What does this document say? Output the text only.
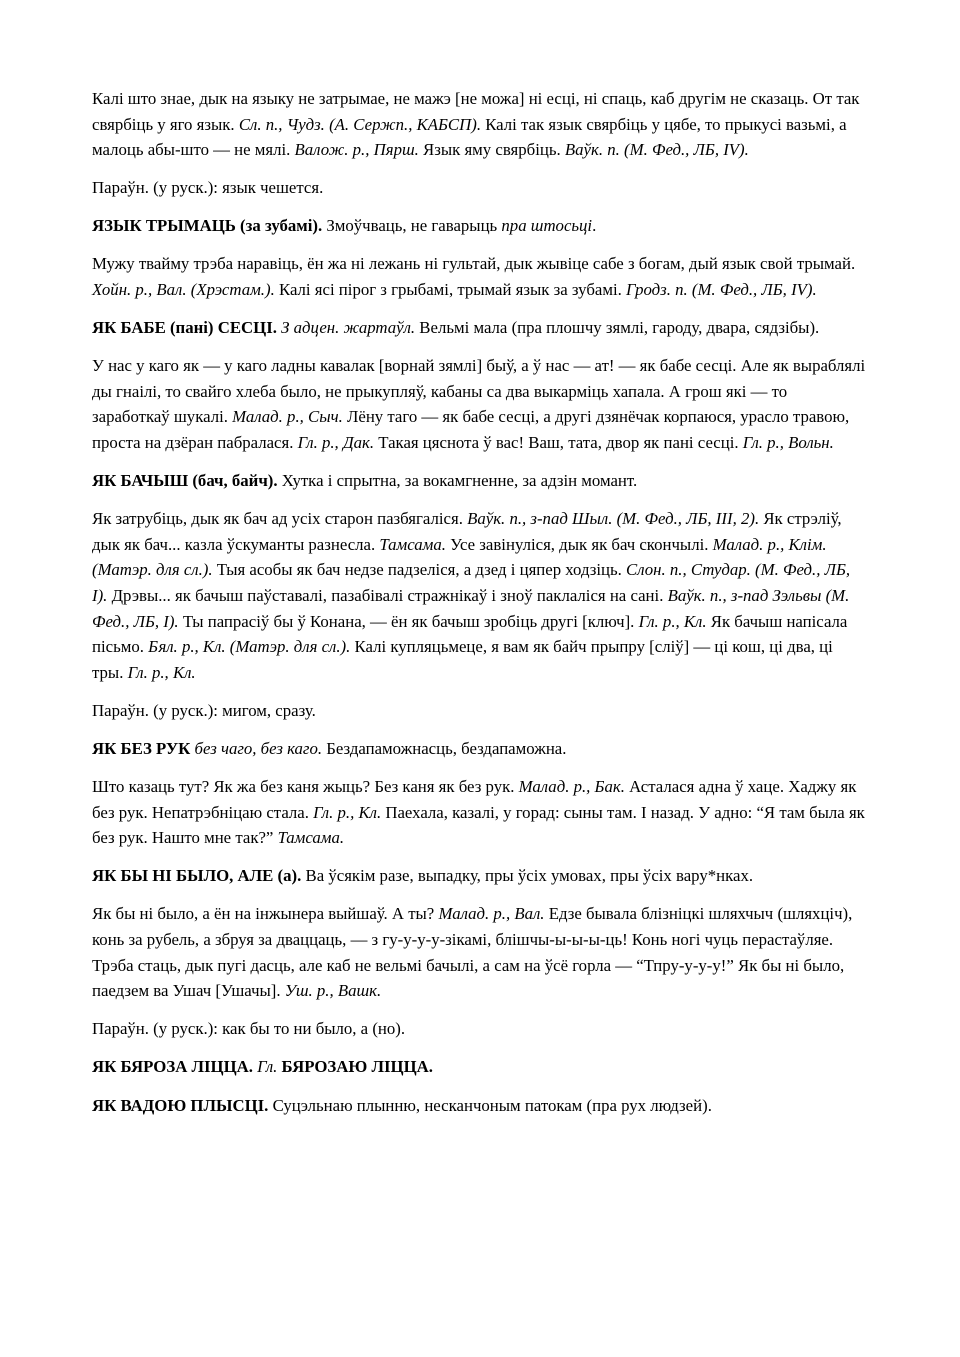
Калі што знае, дык на языку не затрымае, не мажэ [не можа] ні есці, ні спаць, каб другім не сказаць. От так свярбіць у яго язык. Сл. п., Чудз. (А. Сержп., КАБСП). Калі так язык свярбіць у цябе, то прыкусі вазьмі, а малоць абы-што — не мялі. Валож. р., Пярш. Язык яму свярбіць. Ваўк. п. (М. Фед., ЛБ, IV).

Параўн. (у руск.): язык чешется.

ЯЗЫК ТРЫМАЦЬ (за зубамі). Змоўчваць, не гаварыць пра штосьці.

Мужу твайму трэба наравіць, ён жа ні лежань ні гультай, дык жывіце сабе з богам, дый язык свой трымай. Хойн. р., Вал. (Хрэстам.). Калі ясі пірог з грыбамі, трымай язык за зубамі. Гродз. п. (М. Фед., ЛБ, IV).

ЯК БАБЕ (пані) СЕСЦІ. З адцен. жартаўл. Вельмі мала (пра плошчу зямлі, гароду, двара, сядзібы).

У нас у каго як — у каго ладны кавалак [ворнай зямлі] быў, а ў нас — ат! — як бабе сесці. Але як выраблялі ды гнаілі, то свайго хлеба было, не прыкупляў, кабаны са два выкарміць хапала. А грош які — то заработкаў шукалі. Малад. р., Сыч. Лёну таго — як бабе сесці, а другі дзянёчак корпаюся, урасло травою, проста на дзёран пабралася. Гл. р., Дак. Такая цяснота ў вас! Ваш, тата, двор як пані сесці. Гл. р., Вольн.

ЯК БАЧЫШ (бач, байч). Хутка і спрытна, за вокамгненне, за адзін момант.

Як затрубіць, дык як бач ад усіх старон пазбягаліся. Ваўк. п., з-пад Шыл. (М. Фед., ЛБ, III, 2). Як стрэліў, дык як бач... казла ўскуманты разнесла. Тамсама. Усе завінуліся, дык як бач скончылі. Малад. р., Клім. (Матэр. для сл.). Тыя асобы як бач недзе падзеліся, а дзед і цяпер ходзіць. Слон. п., Студар. (М. Фед., ЛБ, I). Дрэвы... як бачыш паўставалі, пазабівалі стражнікаў і зноў паклаліся на сані. Ваўк. п., з-пад Зэльвы (М. Фед., ЛБ, I). Ты папрасіў бы ў Конана, — ён як бачыш зробіць другі [ключ]. Гл. р., Кл. Як бачыш напісала пісьмо. Бял. р., Кл. (Матэр. для сл.). Калі купляцьмеце, я вам як байч прыпру [сліў] — ці кош, ці два, ці тры. Гл. р., Кл.

Параўн. (у руск.): мигом, сразу.

ЯК БЕЗ РУК без чаго, без каго. Бездапаможнасць, бездапаможна.

Што казаць тут? Як жа без каня жыць? Без каня як без рук. Малад. р., Бак. Асталася адна ў хаце. Хаджу як без рук. Непатрэбніцаю стала. Гл. р., Кл. Паехала, казалі, у горад: сыны там. І назад. У адно: “Я там была як без рук. Нашто мне так?” Тамсама.

ЯК БЫ НІ БЫЛО, АЛЕ (а). Ва ўсякім разе, выпадку, пры ўсіх умовах, пры ўсіх вару*нках.

Як бы ні было, а ён на інжынера выйшаў. А ты? Малад. р., Вал. Едзе бывала блізніцкі шляхчыч (шляхціч), конь за рубель, а збруя за дваццаць, — з гу-у-у-у-зікамі, блішчы-ы-ы-ы-ць! Конь ногі чуць перастаўляе. Трэба стаць, дык пугі дасць, але каб не вельмі бачылі, а сам на ўсё горла — “Тпру-у-у-у!” Як бы ні было, паедзем ва Ушач [Ушачы]. Уш. р., Вашк.

Параўн. (у руск.): как бы то ни было, а (но).

ЯК БЯРОЗА ЛІЦЦА. Гл. БЯРОЗАЮ ЛІЦЦА.

ЯК ВАДОЮ ПЛЫСЦІ. Суцэльнаю плынню, несканчоным патокам (пра рух людзей).
